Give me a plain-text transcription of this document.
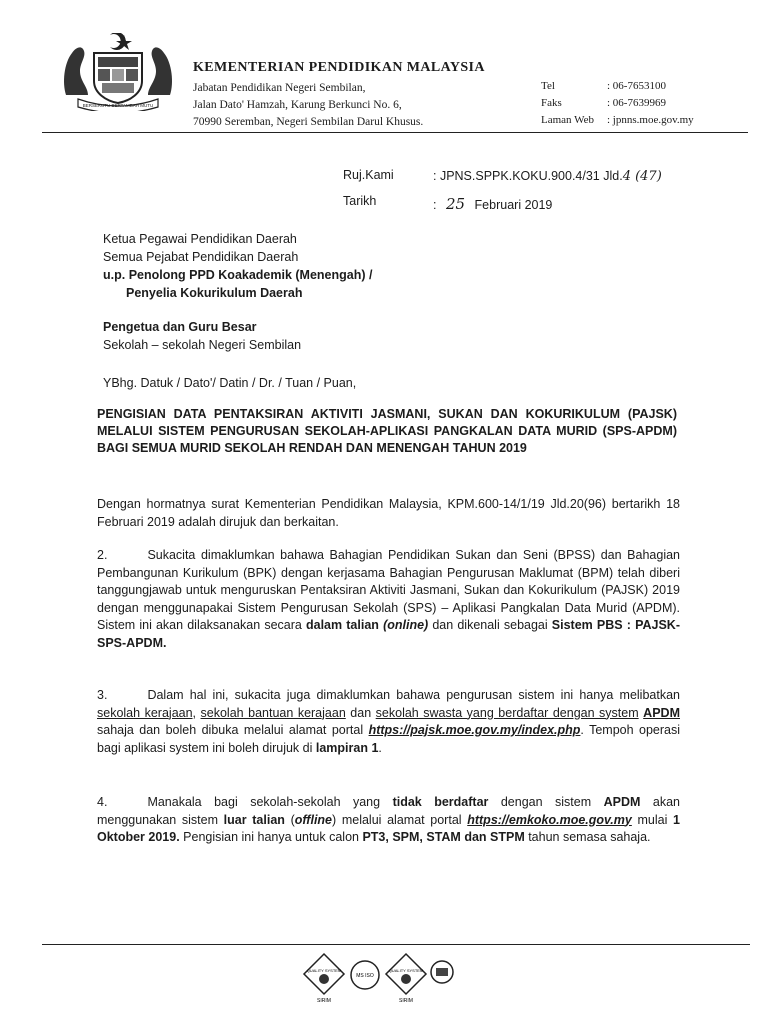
BERSEKUTU BERTAMBAH MUTU
KEMENTERIAN PENDIDIKAN MALAYSIA
Jabatan Pendidikan Negeri Sembilan,
Jalan Dato' Hamzah, Karung Berkunci No. 6,
70990 Seremban, Negeri Sembilan Darul Khusus.
Tel	: 06-7653100
Faks	: 06-7639969
Laman Web : jpnns.moe.gov.my
Ruj.Kami	: JPNS.SPPK.KOKU.900.4/31 Jld.4 (47)
Tarikh	: 25 Februari 2019
Ketua Pegawai Pendidikan Daerah
Semua Pejabat Pendidikan Daerah
u.p. Penolong PPD Koakademik (Menengah) /
Penyelia Kokurikulum Daerah
Pengetua dan Guru Besar
Sekolah – sekolah Negeri Sembilan
YBhg. Datuk / Dato'/ Datin / Dr. / Tuan / Puan,
PENGISIAN DATA PENTAKSIRAN AKTIVITI JASMANI, SUKAN DAN KOKURIKULUM (PAJSK) MELALUI SISTEM PENGURUSAN SEKOLAH-APLIKASI PANGKALAN DATA MURID (SPS-APDM) BAGI SEMUA MURID SEKOLAH RENDAH DAN MENENGAH TAHUN 2019
Dengan hormatnya surat Kementerian Pendidikan Malaysia, KPM.600-14/1/19 Jld.20(96) bertarikh 18 Februari 2019 adalah dirujuk dan berkaitan.
2.	Sukacita dimaklumkan bahawa Bahagian Pendidikan Sukan dan Seni (BPSS) dan Bahagian Pembangunan Kurikulum (BPK) dengan kerjasama Bahagian Pengurusan Maklumat (BPM) telah diberi tanggungjawab untuk menguruskan Pentaksiran Aktiviti Jasmani, Sukan dan Kokurikulum (PAJSK) 2019 dengan menggunapakai Sistem Pengurusan Sekolah (SPS) – Aplikasi Pangkalan Data Murid (APDM). Sistem ini akan dilaksanakan secara dalam talian (online) dan dikenali sebagai Sistem PBS : PAJSK-SPS-APDM.
3.	Dalam hal ini, sukacita juga dimaklumkan bahawa pengurusan sistem ini hanya melibatkan sekolah kerajaan, sekolah bantuan kerajaan dan sekolah swasta yang berdaftar dengan system APDM sahaja dan boleh dibuka melalui alamat portal https://pajsk.moe.gov.my/index.php. Tempoh operasi bagi aplikasi system ini boleh dirujuk di lampiran 1.
4.	Manakala bagi sekolah-sekolah yang tidak berdaftar dengan sistem APDM akan menggunakan sistem luar talian (offline) melalui alamat portal https://emkoko.moe.gov.my mulai 1 Oktober 2019. Pengisian ini hanya untuk calon PT3, SPM, STAM dan STPM tahun semasa sahaja.
QUALITY SYSTEM
SIRIM
MS ISO
QUALITY SYSTEM
SIRIM
